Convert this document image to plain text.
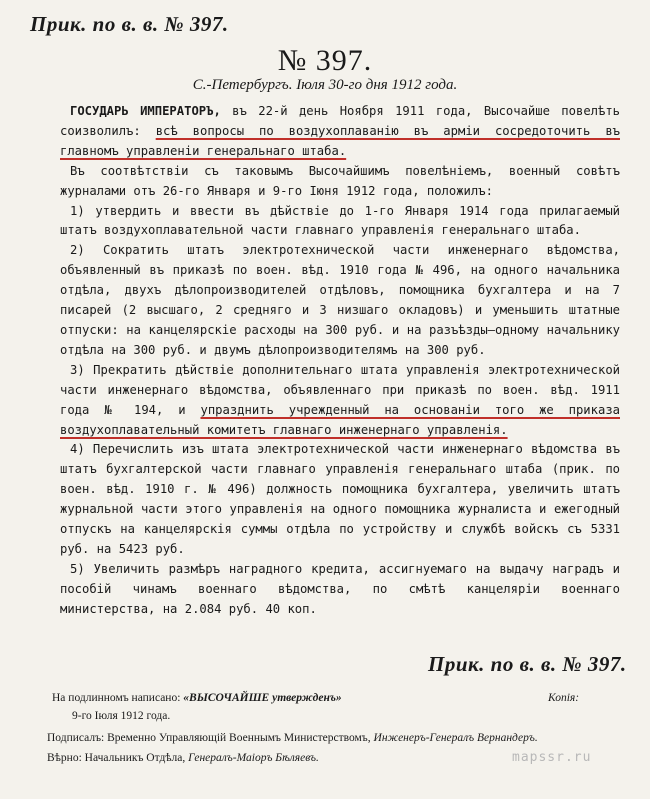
Прик. по в. в. № 397.
№ 397.
С.-Петербургъ. Іюля 30-го дня 1912 года.

ГОСУДАРЬ ИМПЕРАТОРЪ, въ 22-й день Ноября 1911 года, Высочайше повелѣть соизволилъ: всѣ вопросы по воздухоплаванію въ арміи сосредоточить въ главномъ управленіи генеральнаго штаба.

Въ соотвѣтствіи съ таковымъ Высочайшимъ повелѣніемъ, военный совѣтъ журналами отъ 26-го Января и 9-го Іюня 1912 года, положилъ:

1) утвердить и ввести въ дѣйствіе до 1-го Января 1914 года прилагаемый штатъ воздухоплавательной части главнаго управленія генеральнаго штаба.

2) Сократить штатъ электротехнической части инженернаго вѣдомства, объявленный въ приказѣ по воен. вѣд. 1910 года № 496, на одного начальника отдѣла, двухъ дѣлопроизводителей отдѣловъ, помощника бухгалтера и на 7 писарей (2 высшаго, 2 средняго и 3 низшаго окладовъ) и уменьшить штатные отпуски: на канцелярскіе расходы на 300 руб. и на разъѣзды—одному начальнику отдѣла на 300 руб. и двумъ дѣлопроизводителямъ на 300 руб.

3) Прекратить дѣйствіе дополнительнаго штата управленія электротехнической части инженернаго вѣдомства, объявленнаго при приказѣ по воен. вѣд. 1911 года № 194, и упразднить учрежденный на основаніи того же приказа воздухоплавательный комитетъ главнаго инженернаго управленія.

4) Перечислить изъ штата электротехнической части инженернаго вѣдомства въ штатъ бухгалтерской части главнаго управленія генеральнаго штаба (прик. по воен. вѣд. 1910 г. № 496) должность помощника бухгалтера, увеличить штатъ журнальной части этого управленія на одного помощника журналиста и ежегодный отпускъ на канцелярскія суммы отдѣла по устройству и службѣ войскъ съ 5331 руб. на 5423 руб.

5) Увеличить размѣръ наградного кредита, ассигнуемаго на выдачу наградъ и пособій чинамъ военнаго вѣдомства, по смѣтѣ канцеляріи военнаго министерства, на 2.084 руб. 40 коп.

Прик. по в. в. № 397.
На подлинномъ написано: «ВЫСОЧАЙШЕ утвержденъ»
9-го Іюля 1912 года.
Копія:
Подписалъ: Временно Управляющій Военнымъ Министерствомъ, Инженеръ-Генералъ Вернандеръ.
Вѣрно: Начальникъ Отдѣла, Генералъ-Маіоръ Бѣляевъ.	mapssr.ru
